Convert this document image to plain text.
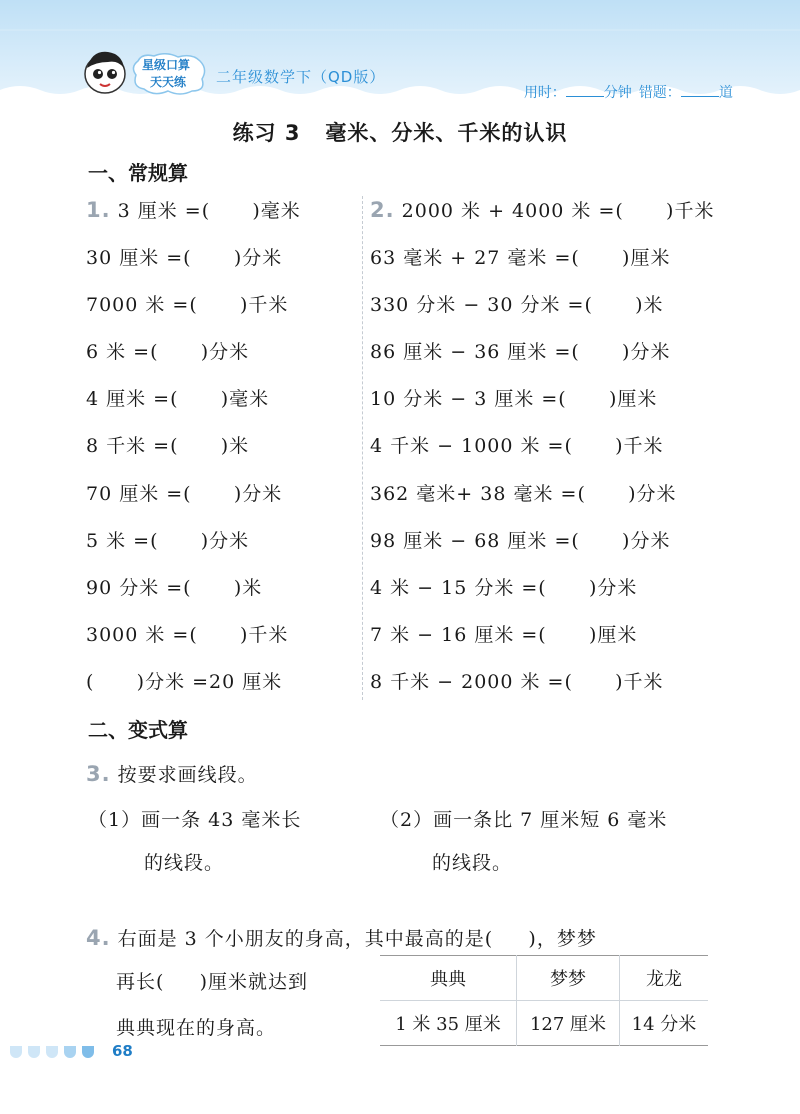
星级口算
天天练 二年级数学下（QD版）

用时：	分钟
错题：	道

练习 3   毫米、分米、千米的认识
一、常规算
1. 3 厘米 =(      )毫米
30 厘米 =(      )分米
7000 米 =(      )千米
6 米 =(      )分米
4 厘米 =(      )毫米
8 千米 =(      )米
70 厘米 =(      )分米
5 米 =(      )分米
90 分米 =(      )米
3000 米 =(      )千米
(      )分米 =20 厘米
2. 2000 米 + 4000 米 =(      )千米
63 毫米 + 27 毫米 =(      )厘米
330 分米 − 30 分米 =(      )米
86 厘米 − 36 厘米 =(      )分米
10 分米 − 3 厘米 =(      )厘米
4 千米 − 1000 米 =(      )千米
362 毫米+ 38 毫米 =(      )分米
98 厘米 − 68 厘米 =(      )分米
4 米 − 15 分米 =(      )分米
7 米 − 16 厘米 =(      )厘米
8 千米 − 2000 米 =(      )千米
二、变式算
3. 按要求画线段。
（1）画一条 43 毫米长
的线段。
（2）画一条比 7 厘米短 6 毫米
的线段。
4. 右面是 3 个小朋友的身高，其中最高的是(     )，梦梦
再长(     )厘米就达到
典典现在的身高。
典典	梦梦	龙龙
1 米 35 厘米	127 厘米	14 分米
68
